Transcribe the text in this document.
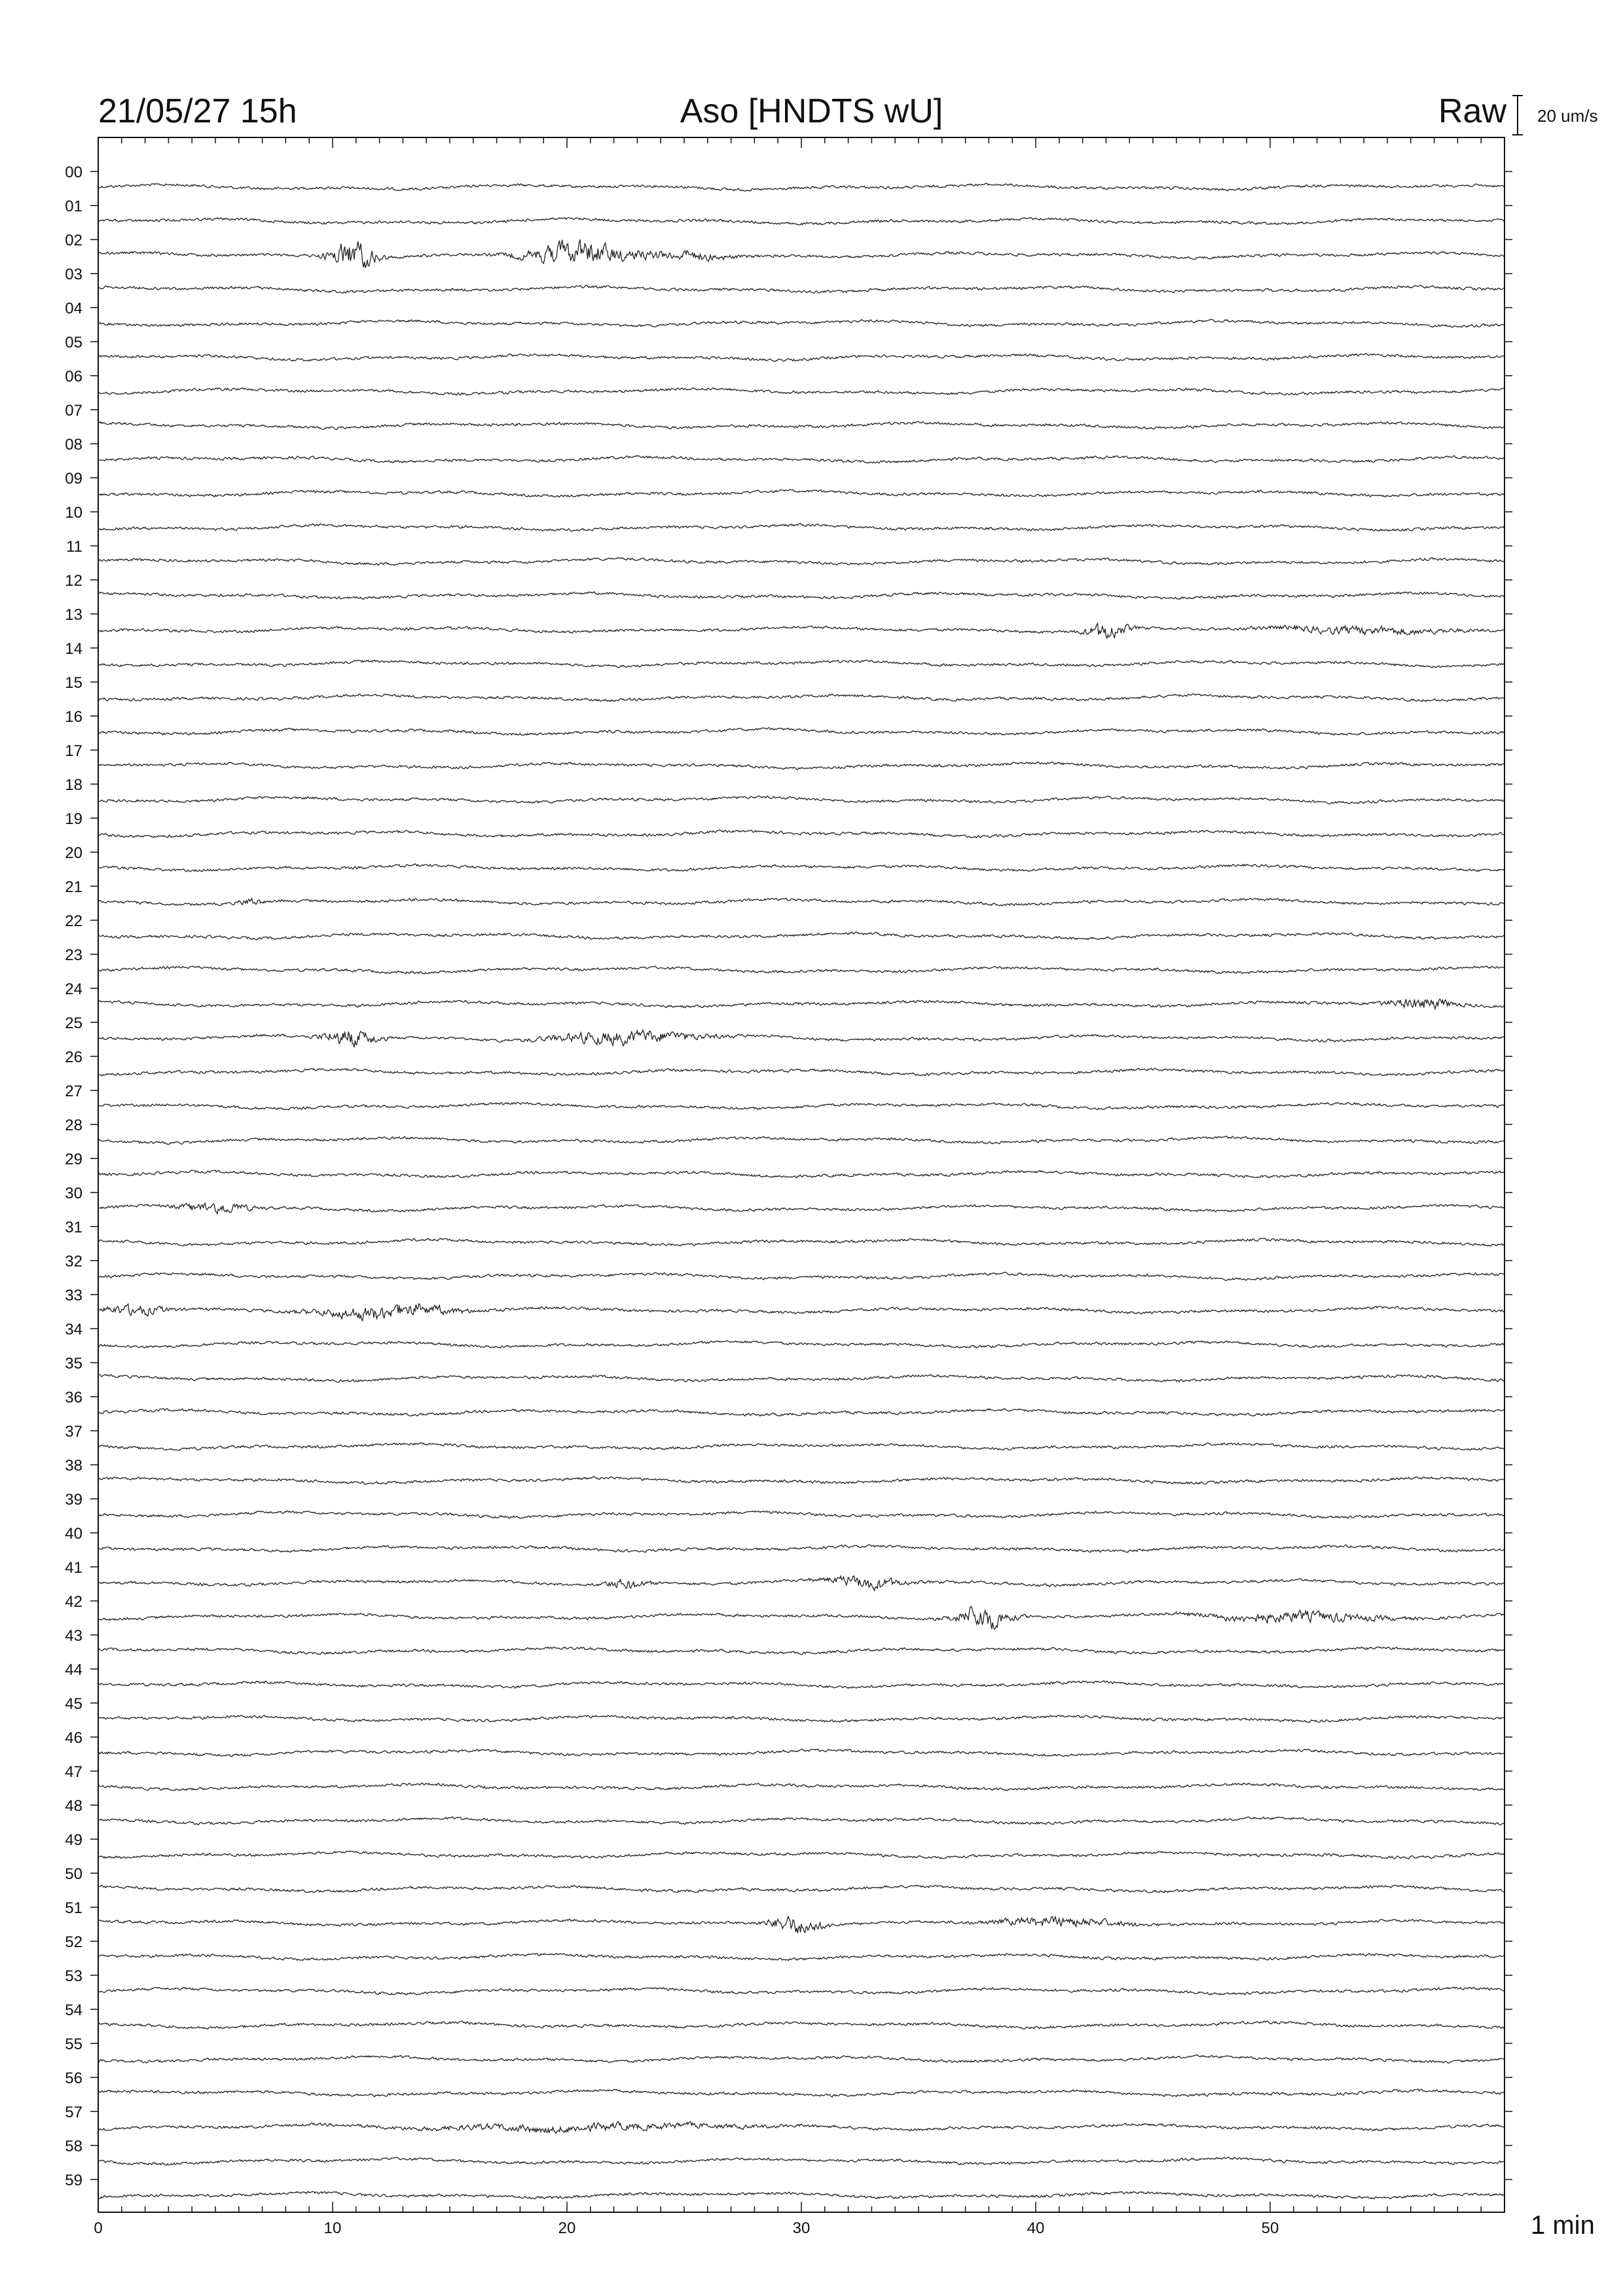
21/05/27 15h	Aso [HNDTS wU]	Raw 20 um/s
1 min
0	10	20	30	40	50
00
01
02
03
04
05
06
07
08
09
10
11
12
13
14
15
16
17
18
19
20
21
22
23
24
25
26
27
28
29
30
31
32
33
34
35
36
37
38
39
40
41
42
43
44
45
46
47
48
49
50
51
52
53
54
55
56
57
58
59
